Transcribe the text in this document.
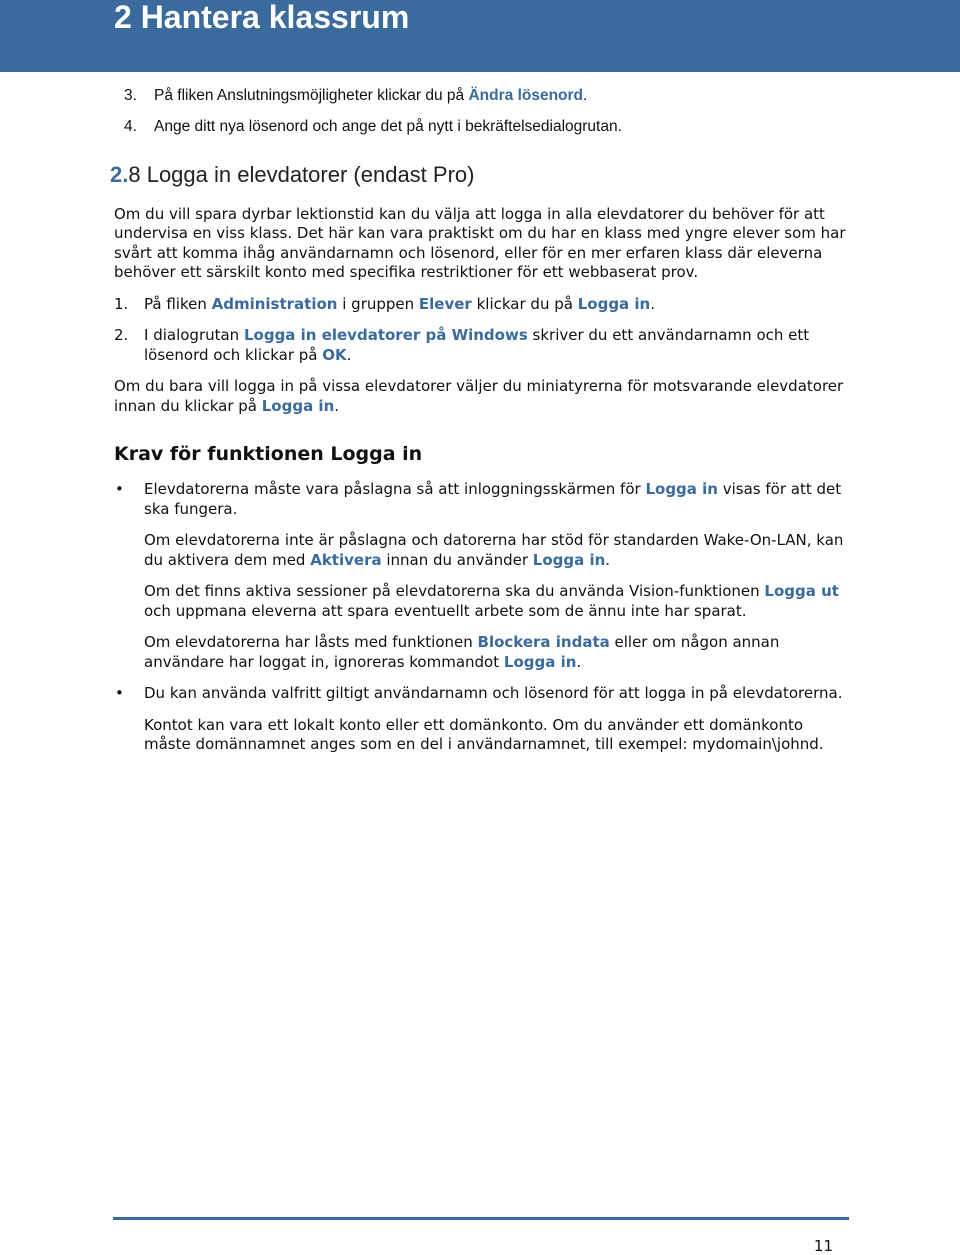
2 Hantera klassrum
3. På fliken Anslutningsmöjligheter klickar du på Ändra lösenord.
4. Ange ditt nya lösenord och ange det på nytt i bekräftelsedialogrutan.
2.8 Logga in elevdatorer (endast Pro)

Om du vill spara dyrbar lektionstid kan du välja att logga in alla elevdatorer du behöver för att undervisa en viss klass. Det här kan vara praktiskt om du har en klass med yngre elever som har svårt att komma ihåg användarnamn och lösenord, eller för en mer erfaren klass där eleverna behöver ett särskilt konto med specifika restriktioner för ett webbaserat prov.

1. På fliken Administration i gruppen Elever klickar du på Logga in.
2. I dialogrutan Logga in elevdatorer på Windows skriver du ett användarnamn och ett lösenord och klickar på OK.

Om du bara vill logga in på vissa elevdatorer väljer du miniatyrerna för motsvarande elevdatorer innan du klickar på Logga in.

Krav för funktionen Logga in
• Elevdatorerna måste vara påslagna så att inloggningsskärmen för Logga in visas för att det ska fungera.

Om elevdatorerna inte är påslagna och datorerna har stöd för standarden Wake-On-LAN, kan du aktivera dem med Aktivera innan du använder Logga in.

Om det finns aktiva sessioner på elevdatorerna ska du använda Vision-funktionen Logga ut och uppmana eleverna att spara eventuellt arbete som de ännu inte har sparat.

Om elevdatorerna har låsts med funktionen Blockera indata eller om någon annan användare har loggat in, ignoreras kommandot Logga in.

• Du kan använda valfritt giltigt användarnamn och lösenord för att logga in på elevdatorerna.

Kontot kan vara ett lokalt konto eller ett domänkonto. Om du använder ett domänkonto måste domännamnet anges som en del i användarnamnet, till exempel: mydomain\johnd.

11
